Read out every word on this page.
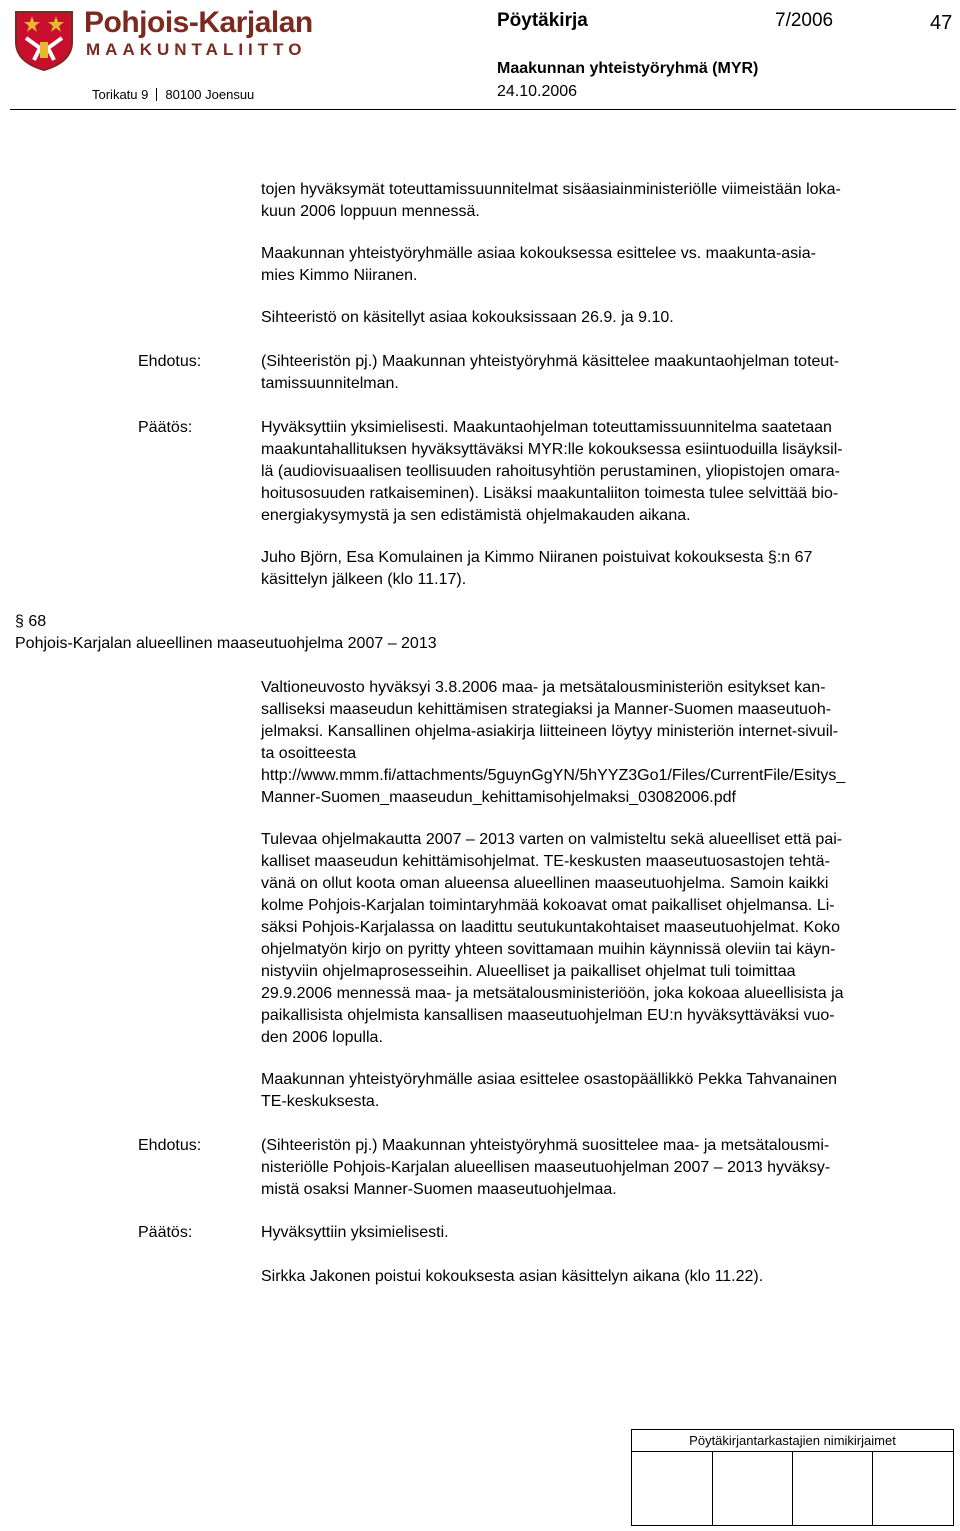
Pohjois-Karjalan
MAAKUNTALIITTO
Torikatu 9 80100 Joensuu
Pöytäkirja	7/2006	47
Maakunnan yhteistyöryhmä (MYR)
24.10.2006

tojen hyväksymät toteuttamissuunnitelmat sisäasiainministeriölle viimeistään loka-
kuun 2006 loppuun mennessä.

Maakunnan yhteistyöryhmälle asiaa kokouksessa esittelee vs. maakunta-asia-
mies Kimmo Niiranen.

Sihteeristö on käsitellyt asiaa kokouksissaan 26.9. ja 9.10.

Ehdotus:	(Sihteeristön pj.) Maakunnan yhteistyöryhmä käsittelee maakuntaohjelman toteut-
tamissuunnitelman.

Päätös:	Hyväksyttiin yksimielisesti. Maakuntaohjelman toteuttamissuunnitelma saatetaan
maakuntahallituksen hyväksyttäväksi MYR:lle kokouksessa esiintuoduilla lisäyksil-
lä (audiovisuaalisen teollisuuden rahoitusyhtiön perustaminen, yliopistojen omara-
hoitusosuuden ratkaiseminen). Lisäksi maakuntaliiton toimesta tulee selvittää bio-
energiakysymystä ja sen edistämistä ohjelmakauden aikana.

Juho Björn, Esa Komulainen ja Kimmo Niiranen poistuivat kokouksesta §:n 67
käsittelyn jälkeen (klo 11.17).

§ 68
Pohjois-Karjalan alueellinen maaseutuohjelma 2007 – 2013

Valtioneuvosto hyväksyi 3.8.2006 maa- ja metsätalousministeriön esitykset kan-
salliseksi maaseudun kehittämisen strategiaksi ja Manner-Suomen maaseutuoh-
jelmaksi. Kansallinen ohjelma-asiakirja liitteineen löytyy ministeriön internet-sivuil-
ta osoitteesta
http://www.mmm.fi/attachments/5guynGgYN/5hYYZ3Go1/Files/CurrentFile/Esitys_
Manner-Suomen_maaseudun_kehittamisohjelmaksi_03082006.pdf

Tulevaa ohjelmakautta 2007 – 2013 varten on valmisteltu sekä alueelliset että pai-
kalliset maaseudun kehittämisohjelmat. TE-keskusten maaseutuosastojen tehtä-
vänä on ollut koota oman alueensa alueellinen maaseutuohjelma. Samoin kaikki
kolme Pohjois-Karjalan toimintaryhmää kokoavat omat paikalliset ohjelmansa. Li-
säksi Pohjois-Karjalassa on laadittu seutukuntakohtaiset maaseutuohjelmat. Koko
ohjelmatyön kirjo on pyritty yhteen sovittamaan muihin käynnissä oleviin tai käyn-
nistyviin ohjelmaprosesseihin. Alueelliset ja paikalliset ohjelmat tuli toimittaa
29.9.2006 mennessä maa- ja metsätalousministeriöön, joka kokoaa alueellisista ja
paikallisista ohjelmista kansallisen maaseutuohjelman EU:n hyväksyttäväksi vuo-
den 2006 lopulla.

Maakunnan yhteistyöryhmälle asiaa esittelee osastopäällikkö Pekka Tahvanainen
TE-keskuksesta.

Ehdotus:	(Sihteeristön pj.) Maakunnan yhteistyöryhmä suosittelee maa- ja metsätalousmi-
nisteriölle Pohjois-Karjalan alueellisen maaseutuohjelman 2007 – 2013 hyväksy-
mistä osaksi Manner-Suomen maaseutuohjelmaa.

Päätös:	Hyväksyttiin yksimielisesti.

Sirkka Jakonen poistui kokouksesta asian käsittelyn aikana (klo 11.22).

Pöytäkirjantarkastajien nimikirjaimet
